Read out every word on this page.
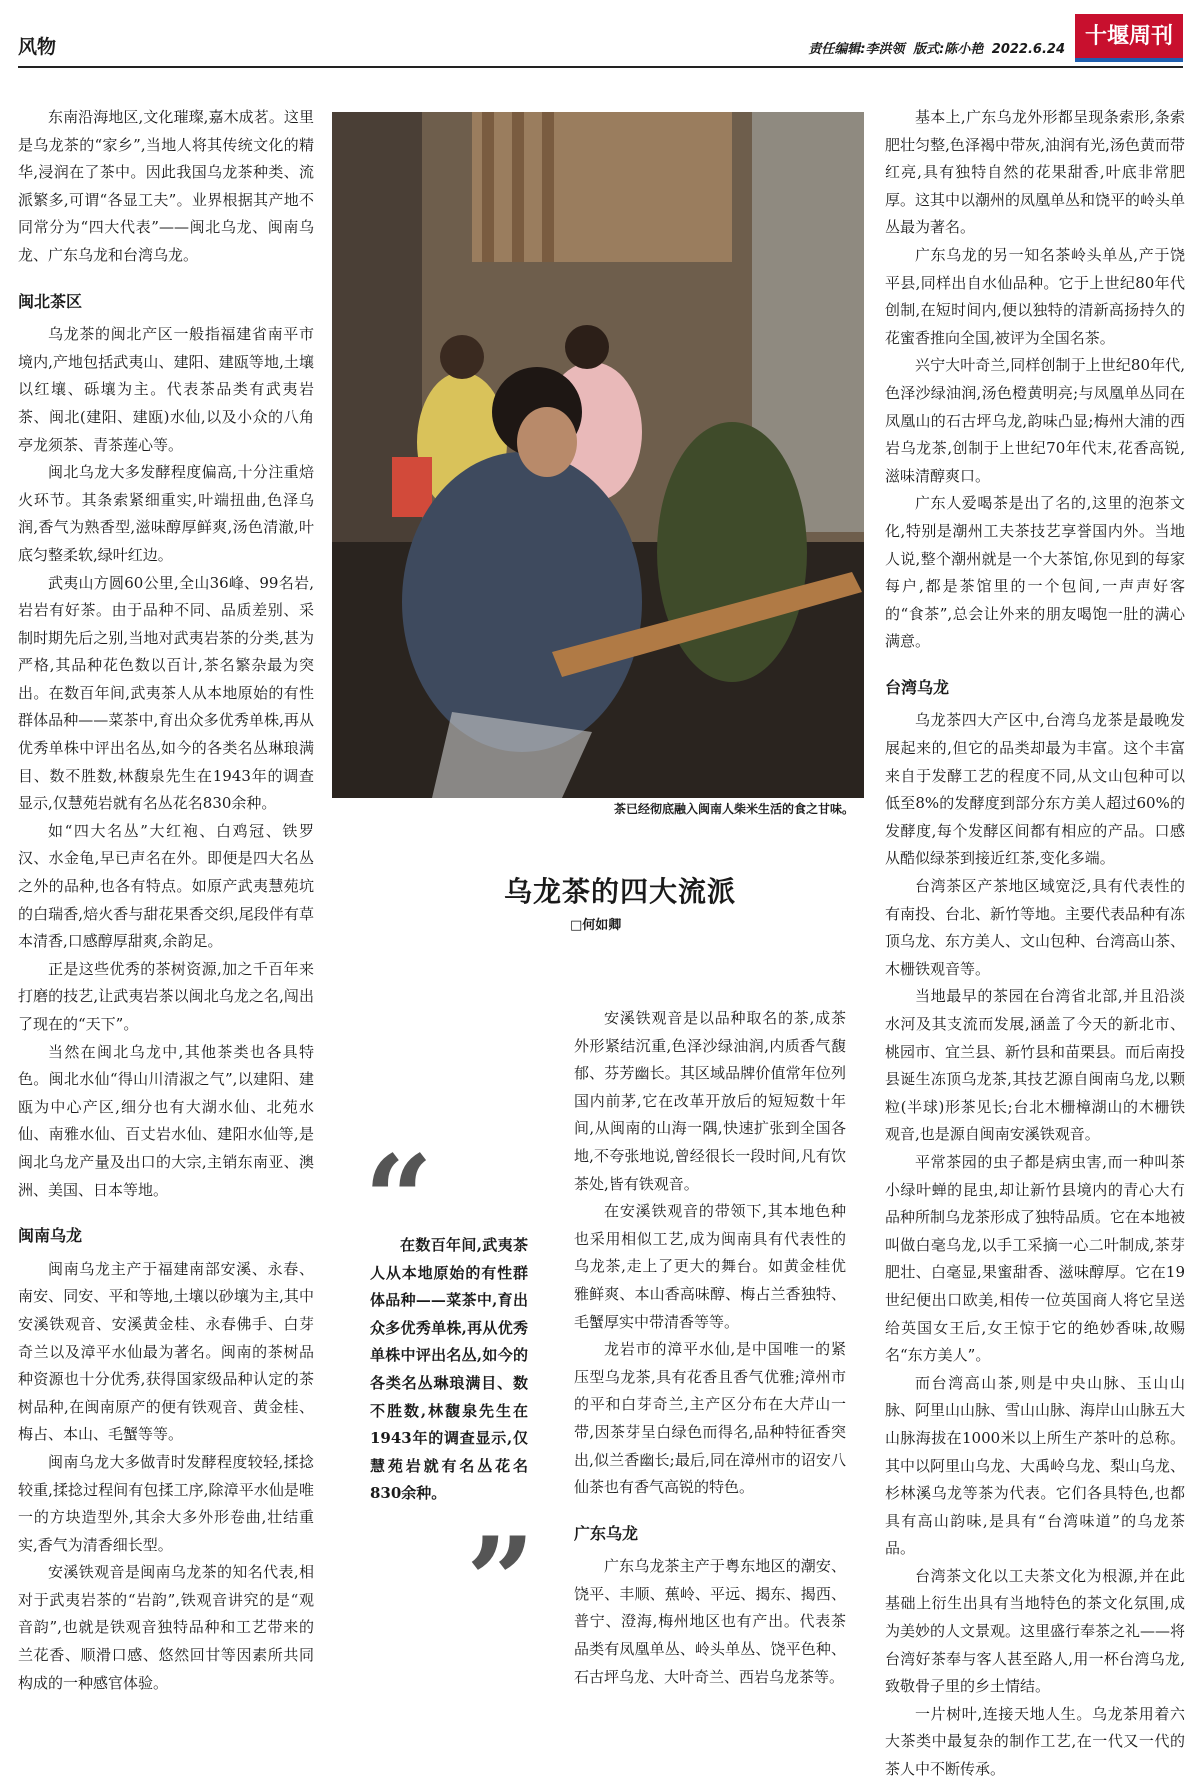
风物	责任编辑:李洪领 版式:陈小艳 2022.6.24
十堰周刊

东南沿海地区,文化璀璨,嘉木成茗。这里是乌龙茶的“家乡”,当地人将其传统文化的精华,浸润在了茶中。因此我国乌龙茶种类、流派繁多,可谓“各显工夫”。业界根据其产地不同常分为“四大代表”——闽北乌龙、闽南乌龙、广东乌龙和台湾乌龙。

闽北茶区

乌龙茶的闽北产区一般指福建省南平市境内,产地包括武夷山、建阳、建瓯等地,土壤以红壤、砾壤为主。代表茶品类有武夷岩茶、闽北(建阳、建瓯)水仙,以及小众的八角亭龙须茶、青茶莲心等。

闽北乌龙大多发酵程度偏高,十分注重焙火环节。其条索紧细重实,叶端扭曲,色泽乌润,香气为熟香型,滋味醇厚鲜爽,汤色清澈,叶底匀整柔软,绿叶红边。

武夷山方圆60公里,全山36峰、99名岩,岩岩有好茶。由于品种不同、品质差别、采制时期先后之别,当地对武夷岩茶的分类,甚为严格,其品种花色数以百计,茶名繁杂最为突出。在数百年间,武夷茶人从本地原始的有性群体品种——菜茶中,育出众多优秀单株,再从优秀单株中评出名丛,如今的各类名丛琳琅满目、数不胜数,林馥泉先生在1943年的调查显示,仅慧苑岩就有名丛花名830余种。

如“四大名丛”大红袍、白鸡冠、铁罗汉、水金龟,早已声名在外。即便是四大名丛之外的品种,也各有特点。如原产武夷慧苑坑的白瑞香,焙火香与甜花果香交织,尾段伴有草本清香,口感醇厚甜爽,余韵足。

正是这些优秀的茶树资源,加之千百年来打磨的技艺,让武夷岩茶以闽北乌龙之名,闯出了现在的“天下”。

当然在闽北乌龙中,其他茶类也各具特色。闽北水仙“得山川清淑之气”,以建阳、建瓯为中心产区,细分也有大湖水仙、北苑水仙、南雅水仙、百丈岩水仙、建阳水仙等,是闽北乌龙产量及出口的大宗,主销东南亚、澳洲、美国、日本等地。

闽南乌龙

闽南乌龙主产于福建南部安溪、永春、南安、同安、平和等地,土壤以砂壤为主,其中安溪铁观音、安溪黄金桂、永春佛手、白芽奇兰以及漳平水仙最为著名。闽南的茶树品种资源也十分优秀,获得国家级品种认定的茶树品种,在闽南原产的便有铁观音、黄金桂、梅占、本山、毛蟹等等。

闽南乌龙大多做青时发酵程度较轻,揉捻较重,揉捻过程间有包揉工序,除漳平水仙是唯一的方块造型外,其余大多外形卷曲,壮结重实,香气为清香细长型。

安溪铁观音是闽南乌龙茶的知名代表,相对于武夷岩茶的“岩韵”,铁观音讲究的是“观音韵”,也就是铁观音独特品种和工艺带来的兰花香、顺滑口感、悠然回甘等因素所共同构成的一种感官体验。

茶已经彻底融入闽南人柴米生活的食之甘味。
乌龙茶的四大流派
□何如卿
“
在数百年间,武夷茶人从本地原始的有性群体品种——菜茶中,育出众多优秀单株,再从优秀单株中评出名丛,如今的各类名丛琳琅满目、数不胜数,林馥泉先生在1943年的调查显示,仅慧苑岩就有名丛花名830余种。
”

安溪铁观音是以品种取名的茶,成茶外形紧结沉重,色泽沙绿油润,内质香气馥郁、芬芳幽长。其区域品牌价值常年位列国内前茅,它在改革开放后的短短数十年间,从闽南的山海一隅,快速扩张到全国各地,不夸张地说,曾经很长一段时间,凡有饮茶处,皆有铁观音。

在安溪铁观音的带领下,其本地色种也采用相似工艺,成为闽南具有代表性的乌龙茶,走上了更大的舞台。如黄金桂优雅鲜爽、本山香高味醇、梅占兰香独特、毛蟹厚实中带清香等等。

龙岩市的漳平水仙,是中国唯一的紧压型乌龙茶,具有花香且香气优雅;漳州市的平和白芽奇兰,主产区分布在大芹山一带,因茶芽呈白绿色而得名,品种特征香突出,似兰香幽长;最后,同在漳州市的诏安八仙茶也有香气高锐的特色。

广东乌龙

广东乌龙茶主产于粤东地区的潮安、饶平、丰顺、蕉岭、平远、揭东、揭西、普宁、澄海,梅州地区也有产出。代表茶品类有凤凰单丛、岭头单丛、饶平色种、石古坪乌龙、大叶奇兰、西岩乌龙茶等。

基本上,广东乌龙外形都呈现条索形,条索肥壮匀整,色泽褐中带灰,油润有光,汤色黄而带红亮,具有独特自然的花果甜香,叶底非常肥厚。这其中以潮州的凤凰单丛和饶平的岭头单丛最为著名。

广东乌龙的另一知名茶岭头单丛,产于饶平县,同样出自水仙品种。它于上世纪80年代创制,在短时间内,便以独特的清新高扬持久的花蜜香推向全国,被评为全国名茶。

兴宁大叶奇兰,同样创制于上世纪80年代,色泽沙绿油润,汤色橙黄明亮;与凤凰单丛同在凤凰山的石古坪乌龙,韵味凸显;梅州大浦的西岩乌龙茶,创制于上世纪70年代末,花香高锐,滋味清醇爽口。

广东人爱喝茶是出了名的,这里的泡茶文化,特别是潮州工夫茶技艺享誉国内外。当地人说,整个潮州就是一个大茶馆,你见到的每家每户,都是茶馆里的一个包间,一声声好客的“食茶”,总会让外来的朋友喝饱一肚的满心满意。

台湾乌龙

乌龙茶四大产区中,台湾乌龙茶是最晚发展起来的,但它的品类却最为丰富。这个丰富来自于发酵工艺的程度不同,从文山包种可以低至8%的发酵度到部分东方美人超过60%的发酵度,每个发酵区间都有相应的产品。口感从酷似绿茶到接近红茶,变化多端。

台湾茶区产茶地区域宽泛,具有代表性的有南投、台北、新竹等地。主要代表品种有冻顶乌龙、东方美人、文山包种、台湾高山茶、木栅铁观音等。

当地最早的茶园在台湾省北部,并且沿淡水河及其支流而发展,涵盖了今天的新北市、桃园市、宜兰县、新竹县和苗栗县。而后南投县诞生冻顶乌龙茶,其技艺源自闽南乌龙,以颗粒(半球)形茶见长;台北木栅樟湖山的木栅铁观音,也是源自闽南安溪铁观音。

平常茶园的虫子都是病虫害,而一种叫茶小绿叶蝉的昆虫,却让新竹县境内的青心大冇品种所制乌龙茶形成了独特品质。它在本地被叫做白毫乌龙,以手工采摘一心二叶制成,茶芽肥壮、白毫显,果蜜甜香、滋味醇厚。它在19世纪便出口欧美,相传一位英国商人将它呈送给英国女王后,女王惊于它的绝妙香味,故赐名“东方美人”。

而台湾高山茶,则是中央山脉、玉山山脉、阿里山山脉、雪山山脉、海岸山山脉五大山脉海拔在1000米以上所生产茶叶的总称。其中以阿里山乌龙、大禹岭乌龙、梨山乌龙、杉林溪乌龙等茶为代表。它们各具特色,也都具有高山韵味,是具有“台湾味道”的乌龙茶品。

台湾茶文化以工夫茶文化为根源,并在此基础上衍生出具有当地特色的茶文化氛围,成为美妙的人文景观。这里盛行奉茶之礼——将台湾好茶奉与客人甚至路人,用一杯台湾乌龙,致敬骨子里的乡土情结。

一片树叶,连接天地人生。乌龙茶用着六大茶类中最复杂的制作工艺,在一代又一代的茶人中不断传承。
